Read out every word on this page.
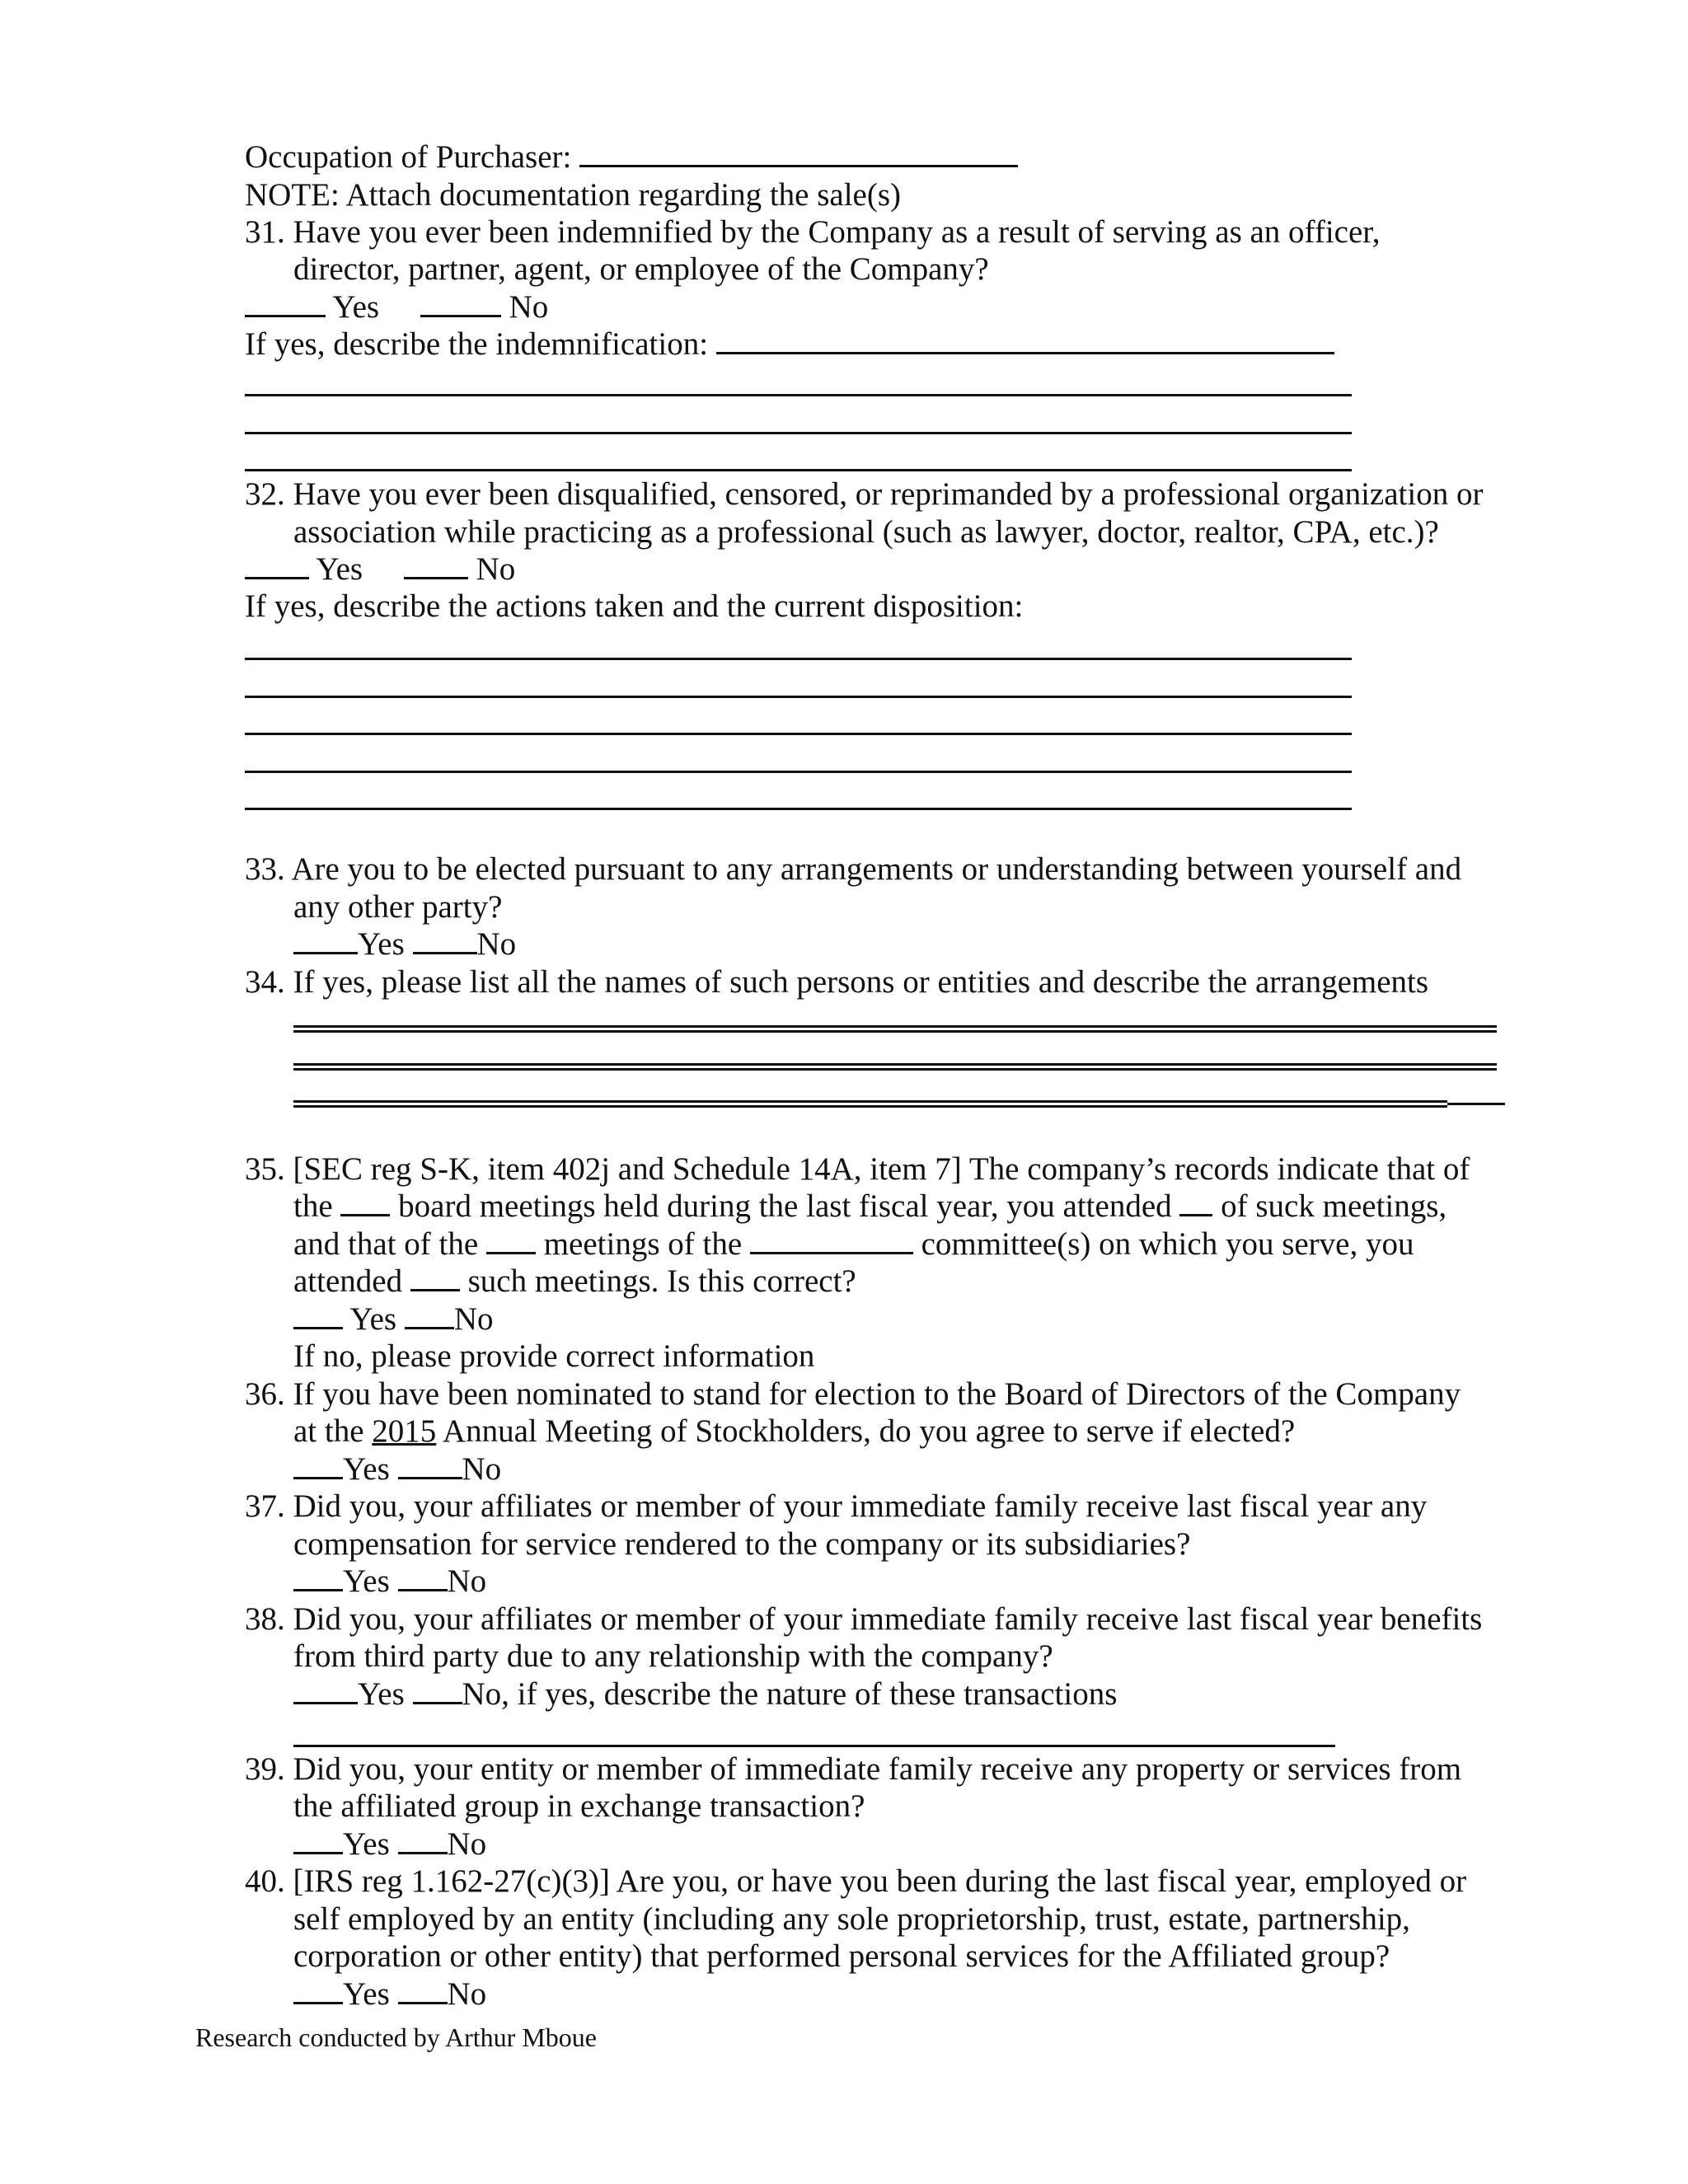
Occupation of Purchaser:
NOTE: Attach documentation regarding the sale(s)
31. Have you ever been indemnified by the Company as a result of serving as an officer,
director, partner, agent, or employee of the Company?
Yes	No
If yes, describe the indemnification:
32. Have you ever been disqualified, censored, or reprimanded by a professional organization or
association while practicing as a professional (such as lawyer, doctor, realtor, CPA, etc.)?
Yes	No
If yes, describe the actions taken and the current disposition:
33. Are you to be elected pursuant to any arrangements or understanding between yourself and
any other party?
Yes No
34. If yes, please list all the names of such persons or entities and describe the arrangements
35. [SEC reg S-K, item 402j and Schedule 14A, item 7] The company’s records indicate that of
the board meetings held during the last fiscal year, you attended of suck meetings,
and that of the meetings of the	committee(s) on which you serve, you
attended such meetings. Is this correct?
Yes No
If no, please provide correct information
36. If you have been nominated to stand for election to the Board of Directors of the Company
at the 2015 Annual Meeting of Stockholders, do you agree to serve if elected?
Yes No
37. Did you, your affiliates or member of your immediate family receive last fiscal year any
compensation for service rendered to the company or its subsidiaries?
Yes No
38. Did you, your affiliates or member of your immediate family receive last fiscal year benefits
from third party due to any relationship with the company?
Yes No, if yes, describe the nature of these transactions
39. Did you, your entity or member of immediate family receive any property or services from
the affiliated group in exchange transaction?
Yes No
40. [IRS reg 1.162-27(c)(3)] Are you, or have you been during the last fiscal year, employed or
self employed by an entity (including any sole proprietorship, trust, estate, partnership,
corporation or other entity) that performed personal services for the Affiliated group?
Yes No
Research conducted by Arthur Mboue
